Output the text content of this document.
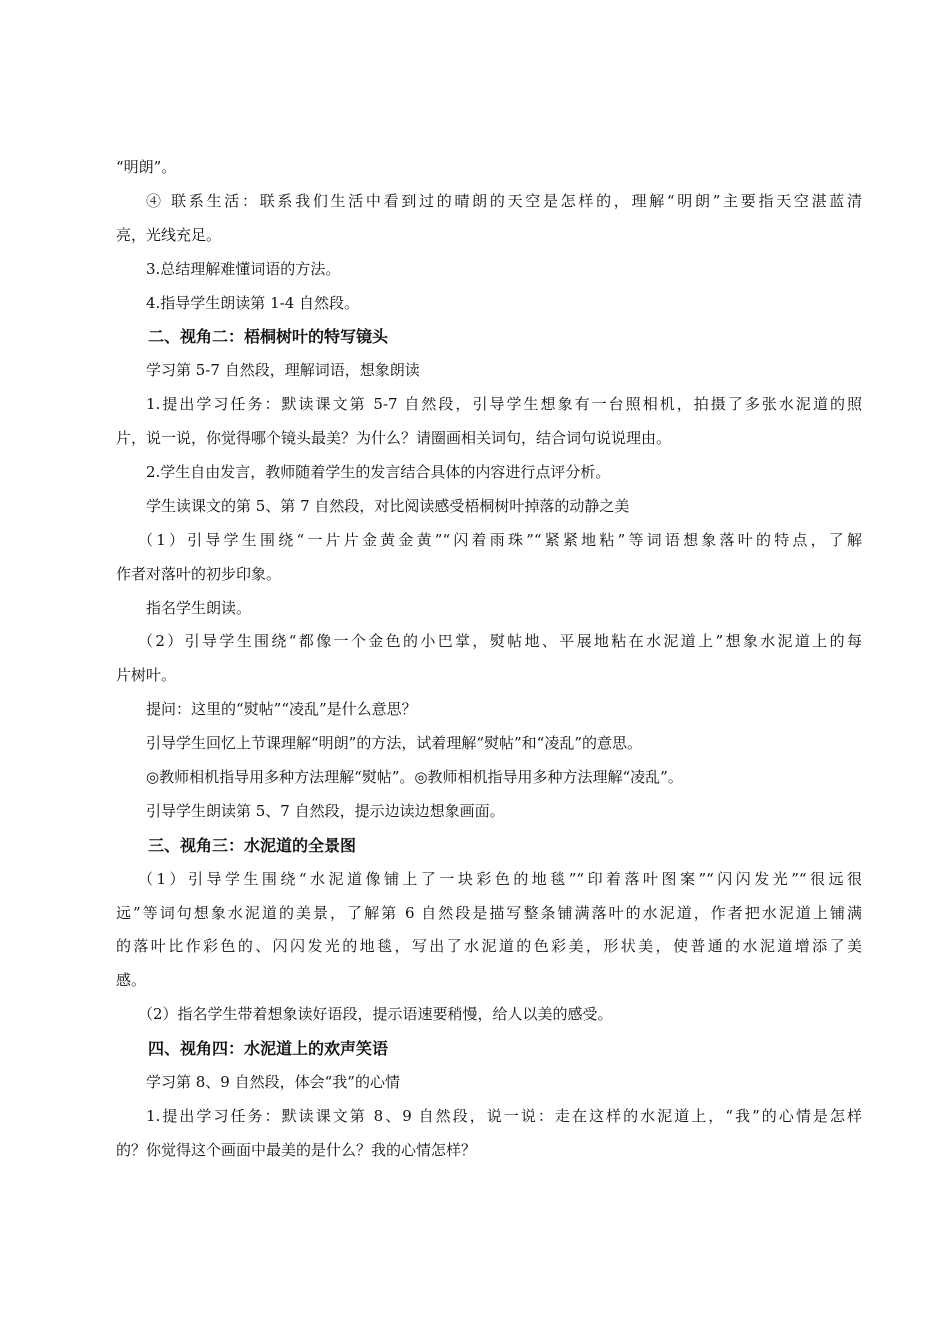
“明朗”。
④ 联系生活：联系我们生活中看到过的晴朗的天空是怎样的，理解“明朗”主要指天空湛蓝清
亮，光线充足。
3.总结理解难懂词语的方法。
4.指导学生朗读第 1-4 自然段。
二、视角二：梧桐树叶的特写镜头
学习第 5-7 自然段，理解词语，想象朗读
1.提出学习任务：默读课文第 5-7 自然段，引导学生想象有一台照相机，拍摄了多张水泥道的照
片，说一说，你觉得哪个镜头最美？为什么？请圈画相关词句，结合词句说说理由。
2.学生自由发言，教师随着学生的发言结合具体的内容进行点评分析。
学生读课文的第 5、第 7 自然段，对比阅读感受梧桐树叶掉落的动静之美
（1）引导学生围绕“一片片金黄金黄”“闪着雨珠”“紧紧地粘”等词语想象落叶的特点，了解
作者对落叶的初步印象。
指名学生朗读。
（2）引导学生围绕“都像一个金色的小巴掌，熨帖地、平展地粘在水泥道上”想象水泥道上的每
片树叶。
提问：这里的“熨帖”“凌乱”是什么意思？
引导学生回忆上节课理解“明朗”的方法，试着理解“熨帖”和“凌乱”的意思。
◎教师相机指导用多种方法理解“熨帖”。◎教师相机指导用多种方法理解“凌乱”。
引导学生朗读第 5、7 自然段，提示边读边想象画面。
三、视角三：水泥道的全景图
（1）引导学生围绕“水泥道像铺上了一块彩色的地毯”“印着落叶图案”“闪闪发光”“很远很
远”等词句想象水泥道的美景，了解第 6 自然段是描写整条铺满落叶的水泥道，作者把水泥道上铺满
的落叶比作彩色的、闪闪发光的地毯，写出了水泥道的色彩美，形状美，使普通的水泥道增添了美
感。
（2）指名学生带着想象读好语段，提示语速要稍慢，给人以美的感受。
四、视角四：水泥道上的欢声笑语
学习第 8、9 自然段，体会“我”的心情
1.提出学习任务：默读课文第 8、9 自然段，说一说：走在这样的水泥道上，“我”的心情是怎样
的？你觉得这个画面中最美的是什么？我的心情怎样？
